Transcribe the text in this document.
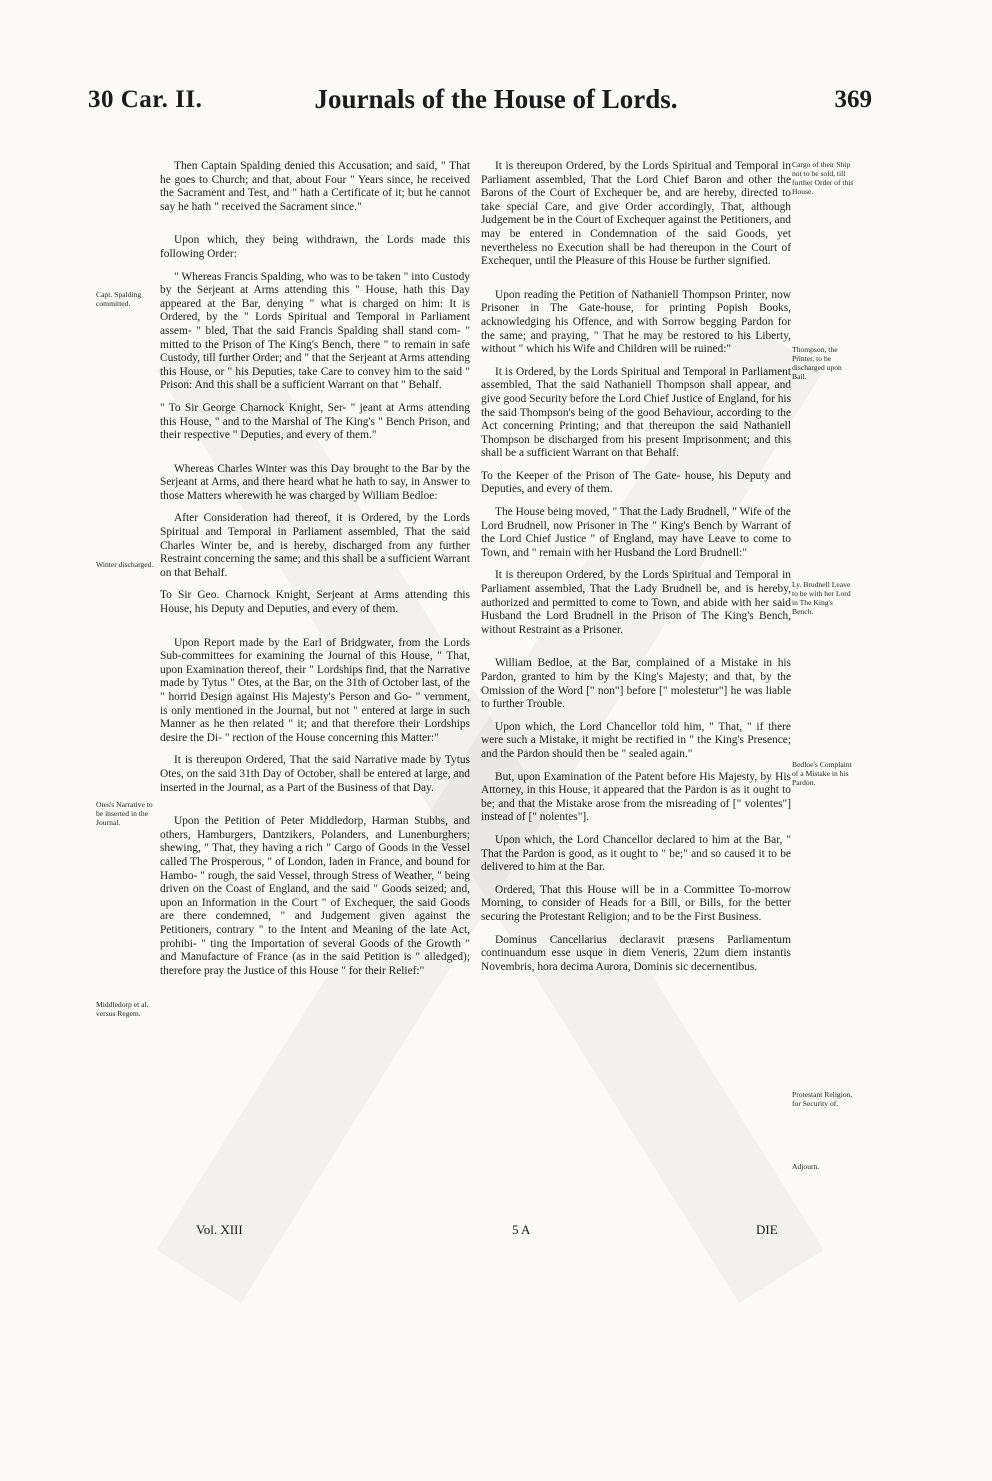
30 Car. II.	Journals of the House of Lords.	369

Then Captain Spalding denied this Accusation; and said, " That he goes to Church; and that, about Four " Years since, he received the Sacrament and Test, and " hath a Certificate of it; but he cannot say he hath " received the Sacrament since."

Upon which, they being withdrawn, the Lords made this following Order:

" Whereas Francis Spalding, who was to be taken " into Custody by the Serjeant at Arms attending this " House, hath this Day appeared at the Bar, denying " what is charged on him: It is Ordered, by the " Lords Spiritual and Temporal in Parliament assem- " bled, That the said Francis Spalding shall stand com- " mitted to the Prison of The King's Bench, there " to remain in safe Custody, till further Order; and " that the Serjeant at Arms attending this House, or " his Deputies, take Care to convey him to the said " Prison: And this shall be a sufficient Warrant on that " Behalf.

" To Sir George Charnock Knight, Ser- " jeant at Arms attending this House, " and to the Marshal of The King's " Bench Prison, and their respective " Deputies, and every of them."

Whereas Charles Winter was this Day brought to the Bar by the Serjeant at Arms, and there heard what he hath to say, in Answer to those Matters wherewith he was charged by William Bedloe:

After Consideration had thereof, it is Ordered, by the Lords Spiritual and Temporal in Parliament assembled, That the said Charles Winter be, and is hereby, discharged from any further Restraint concerning the same; and this shall be a sufficient Warrant on that Behalf.

To Sir Geo. Charnock Knight, Serjeant at Arms attending this House, his Deputy and Deputies, and every of them.

Upon Report made by the Earl of Bridgwater, from the Lords Sub-committees for examining the Journal of this House, " That, upon Examination thereof, their " Lordships find, that the Narrative made by Tytus " Otes, at the Bar, on the 31th of October last, of the " horrid Design against His Majesty's Person and Go- " vernment, is only mentioned in the Journal, but not " entered at large in such Manner as he then related " it; and that therefore their Lordships desire the Di- " rection of the House concerning this Matter:"

It is thereupon Ordered, That the said Narrative made by Tytus Otes, on the said 31th Day of October, shall be entered at large, and inserted in the Journal, as a Part of the Business of that Day.

Upon the Petition of Peter Middledorp, Harman Stubbs, and others, Hamburgers, Dantzikers, Polanders, and Lunenburghers; shewing, " That, they having a rich " Cargo of Goods in the Vessel called The Prosperous, " of London, laden in France, and bound for Hambo- " rough, the said Vessel, through Stress of Weather, " being driven on the Coast of England, and the said " Goods seized; and, upon an Information in the Court " of Exchequer, the said Goods are there condemned, " and Judgement given against the Petitioners, contrary " to the Intent and Meaning of the late Act, prohibi- " ting the Importation of several Goods of the Growth " and Manufacture of France (as in the said Petition is " alledged); therefore pray the Justice of this House " for their Relief:"

It is thereupon Ordered, by the Lords Spiritual and Temporal in Parliament assembled, That the Lord Chief Baron and other the Barons of the Court of Exchequer be, and are hereby, directed to take special Care, and give Order accordingly, That, although Judgement be in the Court of Exchequer against the Petitioners, and may be entered in Condemnation of the said Goods, yet nevertheless no Execution shall be had thereupon in the Court of Exchequer, until the Pleasure of this House be further signified.

Upon reading the Petition of Nathaniell Thompson Printer, now Prisoner in The Gate-house, for printing Popish Books, acknowledging his Offence, and with Sorrow begging Pardon for the same; and praying, " That he may be restored to his Liberty, without " which his Wife and Children will be ruined:"

It is Ordered, by the Lords Spiritual and Temporal in Parliament assembled, That the said Nathaniell Thompson shall appear, and give good Security before the Lord Chief Justice of England, for his the said Thompson's being of the good Behaviour, according to the Act concerning Printing; and that thereupon the said Nathaniell Thompson be discharged from his present Imprisonment; and this shall be a sufficient Warrant on that Behalf.

To the Keeper of the Prison of The Gate- house, his Deputy and Deputies, and every of them.

The House being moved, " That the Lady Brudnell, " Wife of the Lord Brudnell, now Prisoner in The " King's Bench by Warrant of the Lord Chief Justice " of England, may have Leave to come to Town, and " remain with her Husband the Lord Brudnell:"

It is thereupon Ordered, by the Lords Spiritual and Temporal in Parliament assembled, That the Lady Brudnell be, and is hereby, authorized and permitted to come to Town, and abide with her said Husband the Lord Brudnell in the Prison of The King's Bench, without Restraint as a Prisoner.

William Bedloe, at the Bar, complained of a Mistake in his Pardon, granted to him by the King's Majesty; and that, by the Omission of the Word [" non"] before [" molestetur"] he was liable to further Trouble.

Upon which, the Lord Chancellor told him, " That, " if there were such a Mistake, it might be rectified in " the King's Presence; and the Pardon should then be " sealed again."

But, upon Examination of the Patent before His Majesty, by His Attorney, in this House, it appeared that the Pardon is as it ought to be; and that the Mistake arose from the misreading of [" volentes"] instead of [" nolentes"].

Upon which, the Lord Chancellor declared to him at the Bar, " That the Pardon is good, as it ought to " be;" and so caused it to be delivered to him at the Bar.

Ordered, That this House will be in a Committee To-morrow Morning, to consider of Heads for a Bill, or Bills, for the better securing the Protestant Religion; and to be the First Business.

Dominus Cancellarius declaravit præsens Parliamentum continuandum esse usque in diem Veneris, 22um diem instantis Novembris, hora decima Aurora, Dominis sic decernentibus.

Capt. Spalding committed.
Winter discharged.
Otes's Narrative to be inserted in the Journal.
Middledorp et al. versus Regem.
Cargo of their Ship not to be sold, till further Order of this House.
Thompson, the Printer, to be discharged upon Bail.
Ly. Brudnell Leave to be with her Lord in The King's Bench.
Bedloe's Complaint of a Mistake in his Pardon.
Protestant Religion, for Security of.
Adjourn.
Vol. XIII	5 A	DIE
